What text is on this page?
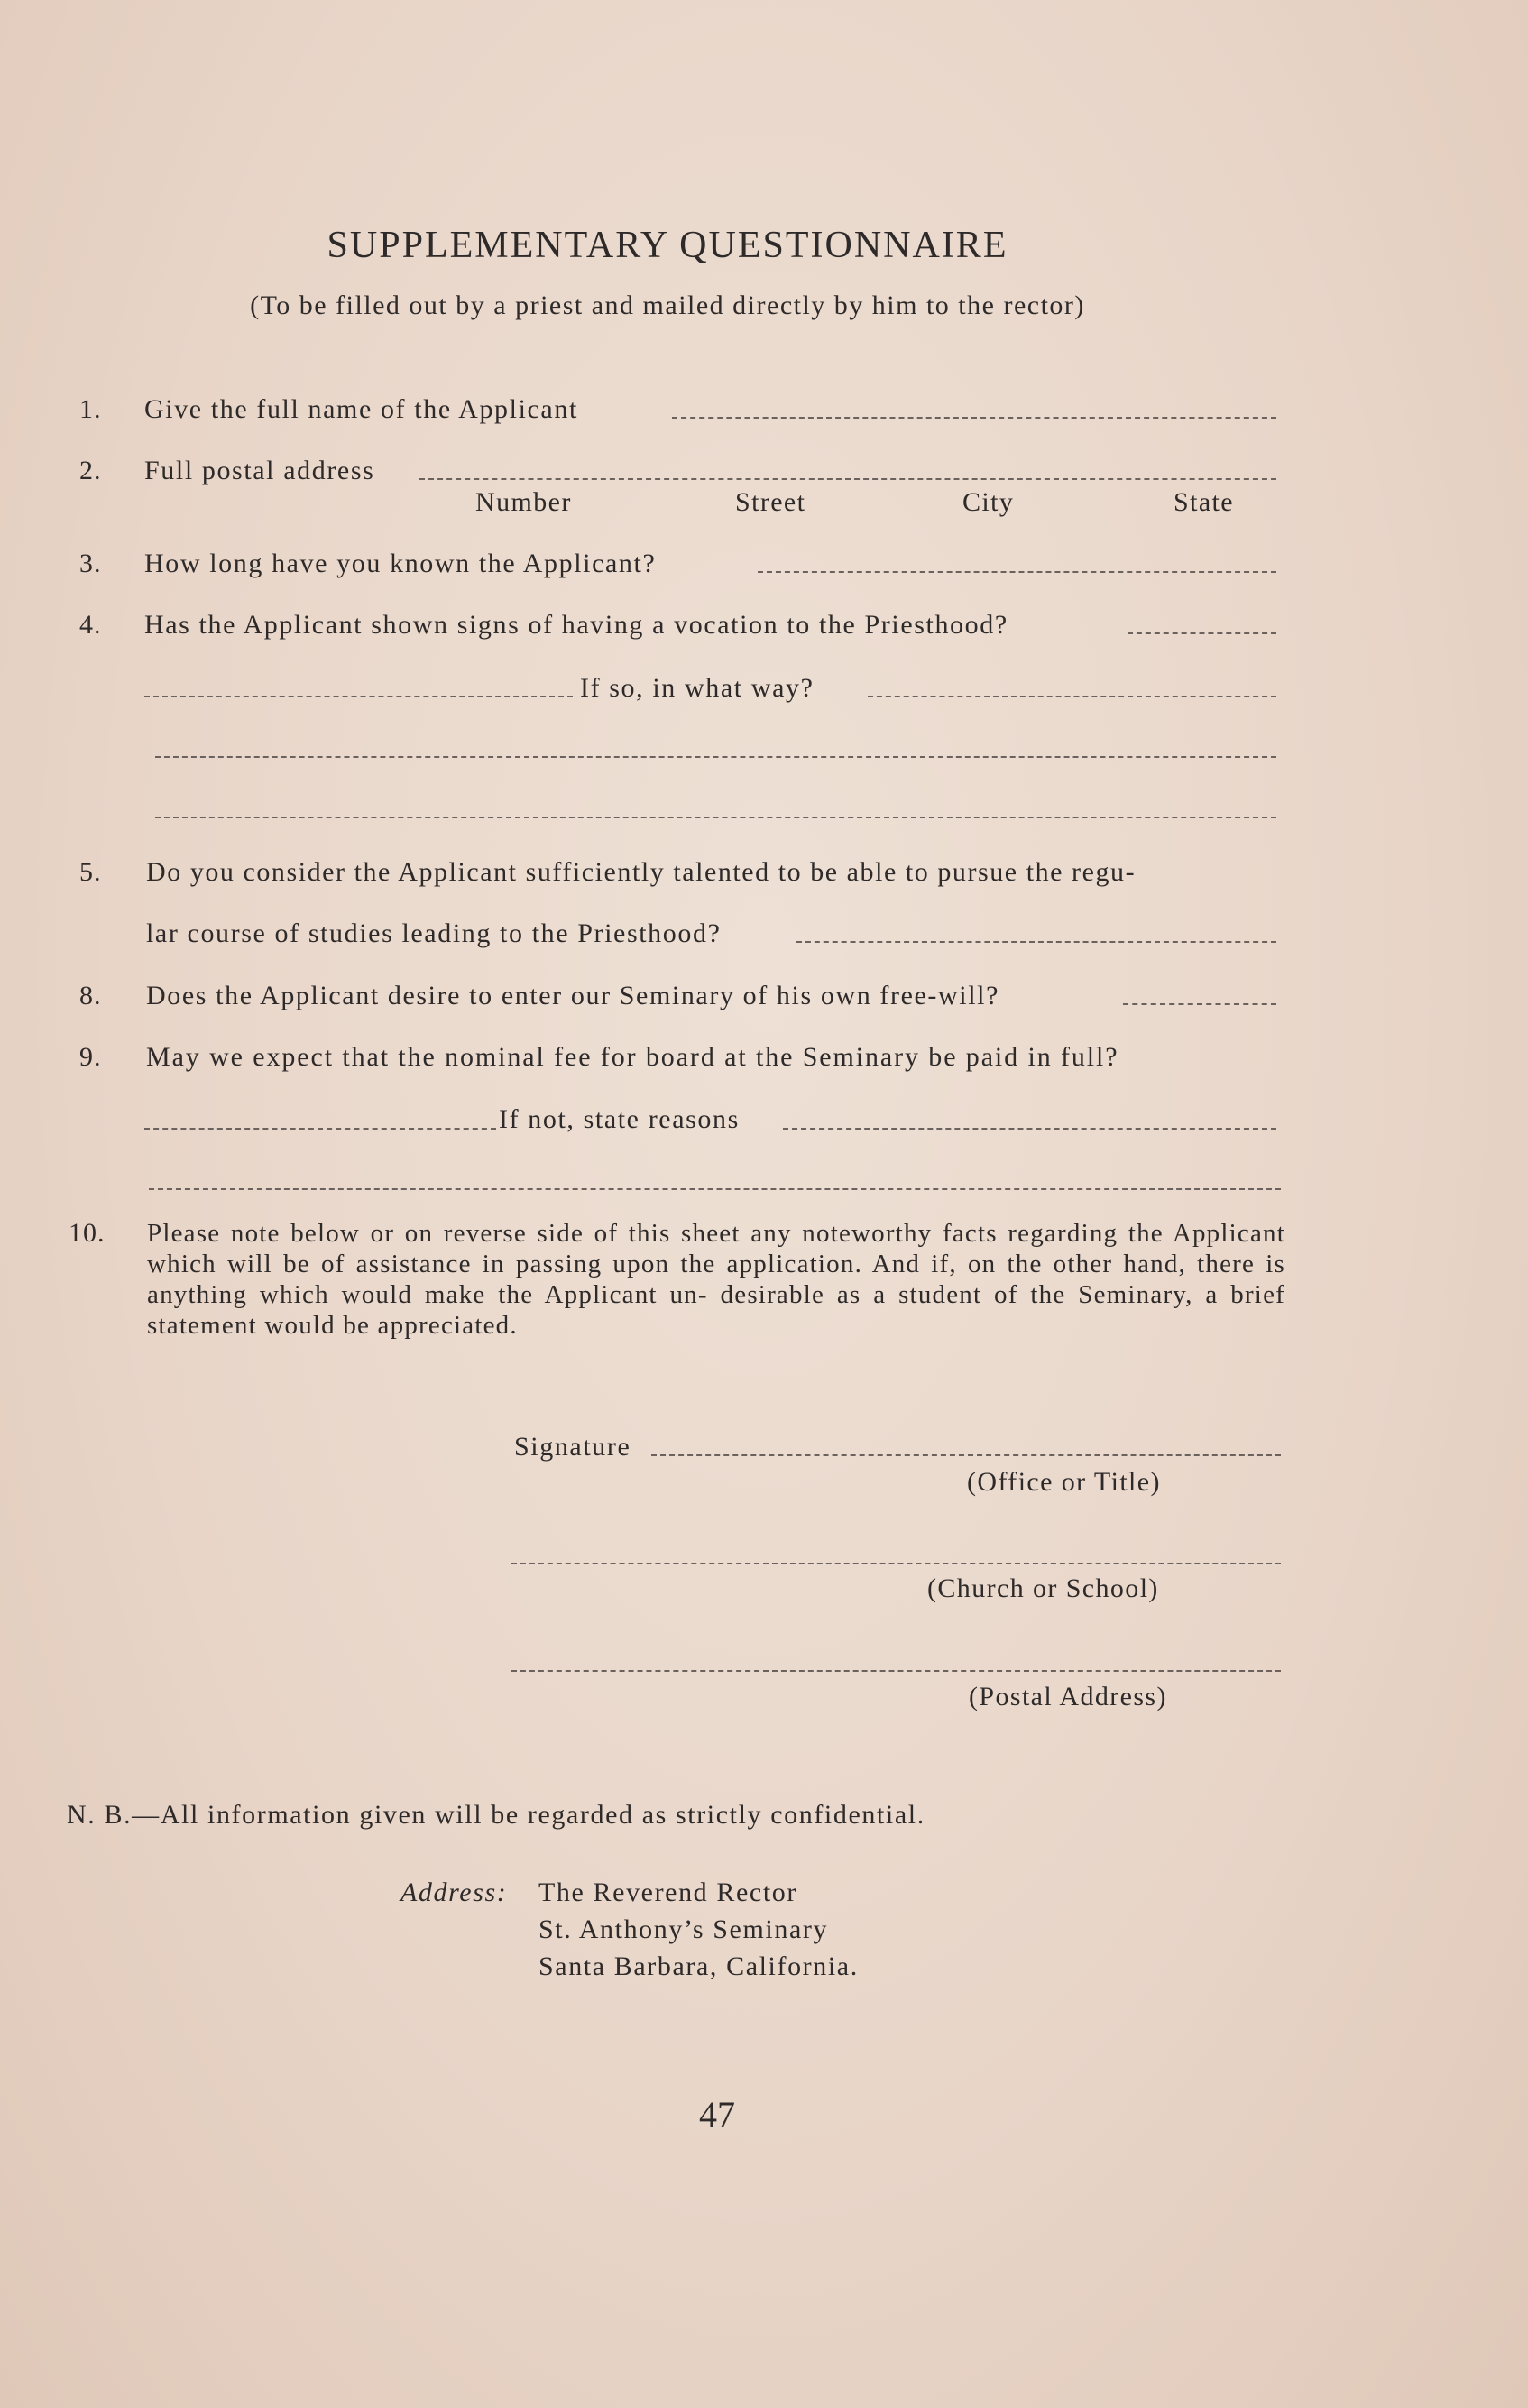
SUPPLEMENTARY QUESTIONNAIRE
(To be filled out by a priest and mailed directly by him to the rector)
1. Give the full name of the Applicant
2. Full postal address
Number	Street	City	State
3. How long have you known the Applicant?
4. Has the Applicant shown signs of having a vocation to the Priesthood?
If so, in what way?
5. Do you consider the Applicant sufficiently talented to be able to pursue the regu-
lar course of studies leading to the Priesthood?
8. Does the Applicant desire to enter our Seminary of his own free-will?
9. May we expect that the nominal fee for board at the Seminary be paid in full?
If not, state reasons
10. Please note below or on reverse side of this sheet any noteworthy facts regarding the Applicant which will be of assistance in passing upon the application. And if, on the other hand, there is anything which would make the Applicant un- desirable as a student of the Seminary, a brief statement would be appreciated.
Signature
(Office or Title)
(Church or School)
(Postal Address)
N. B.—All information given will be regarded as strictly confidential.
Address: The Reverend Rector
St. Anthony’s Seminary
Santa Barbara, California.
47
